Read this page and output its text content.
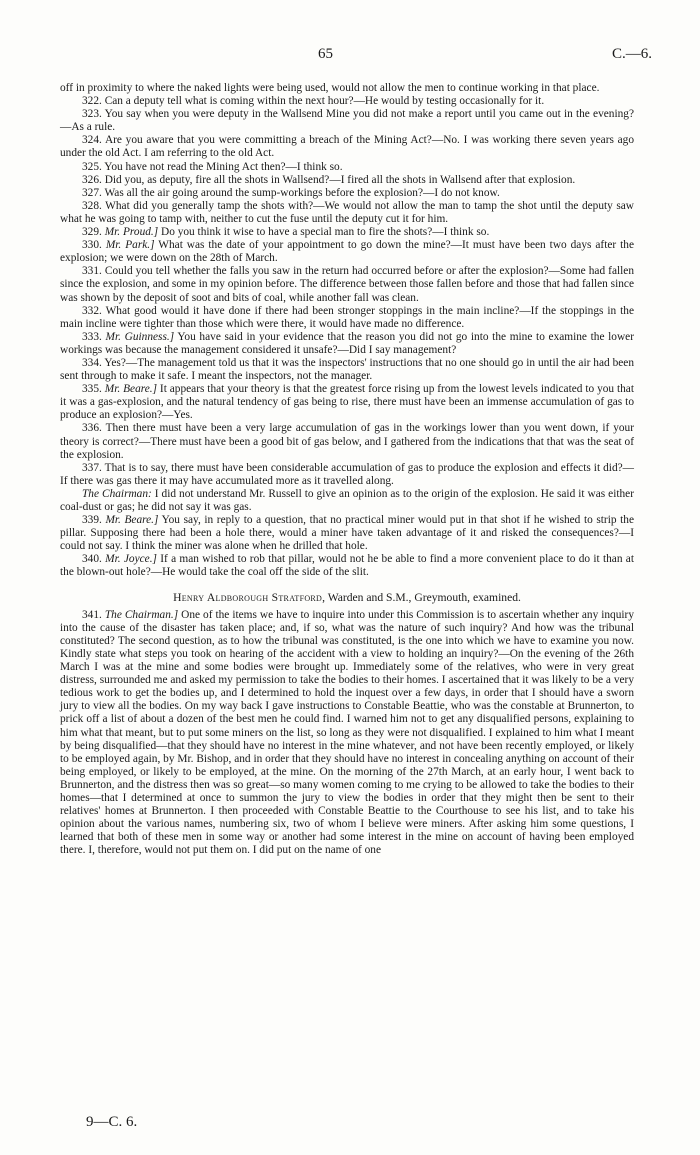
65	C.—6.

off in proximity to where the naked lights were being used, would not allow the men to continue working in that place.

322. Can a deputy tell what is coming within the next hour?—He would by testing occasionally for it.

323. You say when you were deputy in the Wallsend Mine you did not make a report until you came out in the evening?—As a rule.

324. Are you aware that you were committing a breach of the Mining Act?—No. I was working there seven years ago under the old Act. I am referring to the old Act.

325. You have not read the Mining Act then?—I think so.

326. Did you, as deputy, fire all the shots in Wallsend?—I fired all the shots in Wallsend after that explosion.

327. Was all the air going around the sump-workings before the explosion?—I do not know.

328. What did you generally tamp the shots with?—We would not allow the man to tamp the shot until the deputy saw what he was going to tamp with, neither to cut the fuse until the deputy cut it for him.

329. Mr. Proud.] Do you think it wise to have a special man to fire the shots?—I think so.

330. Mr. Park.] What was the date of your appointment to go down the mine?—It must have been two days after the explosion; we were down on the 28th of March.

331. Could you tell whether the falls you saw in the return had occurred before or after the explosion?—Some had fallen since the explosion, and some in my opinion before. The difference between those fallen before and those that had fallen since was shown by the deposit of soot and bits of coal, while another fall was clean.

332. What good would it have done if there had been stronger stoppings in the main incline?—If the stoppings in the main incline were tighter than those which were there, it would have made no difference.

333. Mr. Guinness.] You have said in your evidence that the reason you did not go into the mine to examine the lower workings was because the management considered it unsafe?—Did I say management?

334. Yes?—The management told us that it was the inspectors' instructions that no one should go in until the air had been sent through to make it safe. I meant the inspectors, not the manager.

335. Mr. Beare.] It appears that your theory is that the greatest force rising up from the lowest levels indicated to you that it was a gas-explosion, and the natural tendency of gas being to rise, there must have been an immense accumulation of gas to produce an explosion?—Yes.

336. Then there must have been a very large accumulation of gas in the workings lower than you went down, if your theory is correct?—There must have been a good bit of gas below, and I gathered from the indications that that was the seat of the explosion.

337. That is to say, there must have been considerable accumulation of gas to produce the explosion and effects it did?—If there was gas there it may have accumulated more as it travelled along.

The Chairman: I did not understand Mr. Russell to give an opinion as to the origin of the explosion. He said it was either coal-dust or gas; he did not say it was gas.

339. Mr. Beare.] You say, in reply to a question, that no practical miner would put in that shot if he wished to strip the pillar. Supposing there had been a hole there, would a miner have taken advantage of it and risked the consequences?—I could not say. I think the miner was alone when he drilled that hole.

340. Mr. Joyce.] If a man wished to rob that pillar, would not he be able to find a more convenient place to do it than at the blown-out hole?—He would take the coal off the side of the slit.

Henry Aldborough Stratford, Warden and S.M., Greymouth, examined.

341. The Chairman.] One of the items we have to inquire into under this Commission is to ascertain whether any inquiry into the cause of the disaster has taken place; and, if so, what was the nature of such inquiry? And how was the tribunal constituted? The second question, as to how the tribunal was constituted, is the one into which we have to examine you now. Kindly state what steps you took on hearing of the accident with a view to holding an inquiry?—On the evening of the 26th March I was at the mine and some bodies were brought up. Immediately some of the relatives, who were in very great distress, surrounded me and asked my permission to take the bodies to their homes. I ascertained that it was likely to be a very tedious work to get the bodies up, and I determined to hold the inquest over a few days, in order that I should have a sworn jury to view all the bodies. On my way back I gave instructions to Constable Beattie, who was the constable at Brunnerton, to prick off a list of about a dozen of the best men he could find. I warned him not to get any disqualified persons, explaining to him what that meant, but to put some miners on the list, so long as they were not disqualified. I explained to him what I meant by being disqualified—that they should have no interest in the mine whatever, and not have been recently employed, or likely to be employed again, by Mr. Bishop, and in order that they should have no interest in concealing anything on account of their being employed, or likely to be employed, at the mine. On the morning of the 27th March, at an early hour, I went back to Brunnerton, and the distress then was so great—so many women coming to me crying to be allowed to take the bodies to their homes—that I determined at once to summon the jury to view the bodies in order that they might then be sent to their relatives' homes at Brunnerton. I then proceeded with Constable Beattie to the Courthouse to see his list, and to take his opinion about the various names, numbering six, two of whom I believe were miners. After asking him some questions, I learned that both of these men in some way or another had some interest in the mine on account of having been employed there. I, therefore, would not put them on. I did put on the name of one

9—C. 6.
